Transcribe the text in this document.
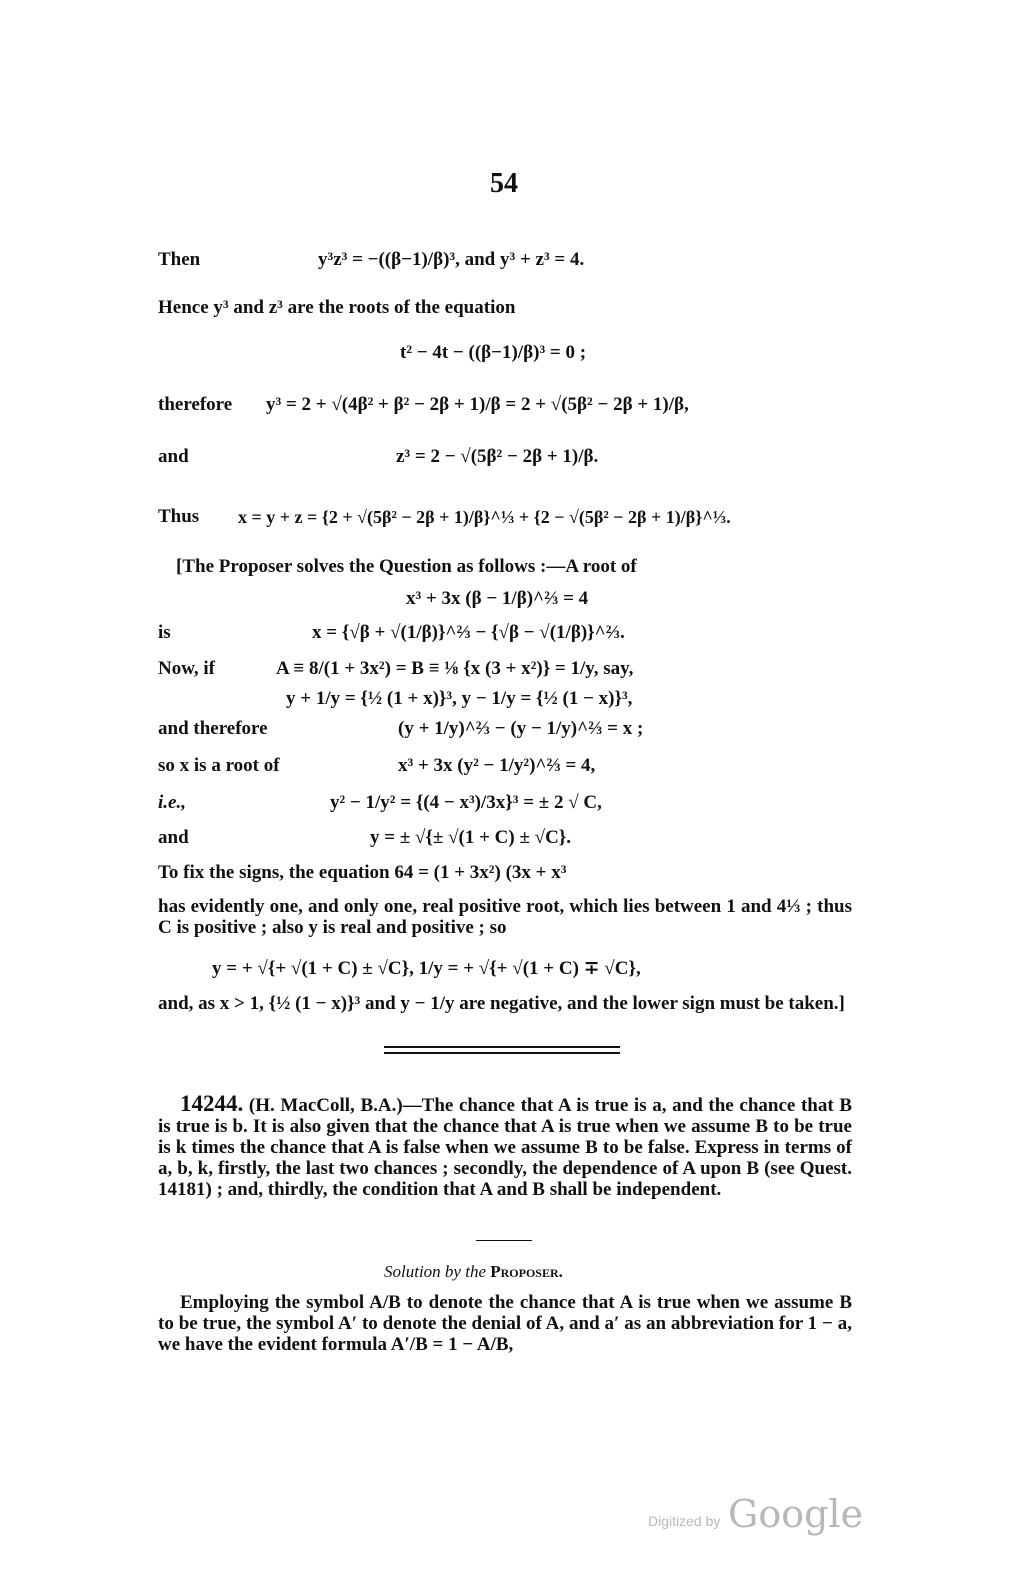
54
Then	y³z³ = −((β−1)/β)³, and y³ + z³ = 4.
Hence y³ and z³ are the roots of the equation
t² − 4t − ((β−1)/β)³ = 0 ;
therefore y³ = 2 + √(4β² + β² − 2β + 1)/β = 2 + √(5β² − 2β + 1)/β,
and	z³ = 2 − √(5β² − 2β + 1)/β.
Thus x = y + z = {2 + √(5β² − 2β + 1)/β}^⅓ + {2 − √(5β² − 2β + 1)/β}^⅓.
[The Proposer solves the Question as follows :—A root of
x³ + 3x (β − 1/β)^⅔ = 4
is	x = {√β + √(1/β)}^⅔ − {√β − √(1/β)}^⅔.
Now, if	A ≡ 8/(1 + 3x²) = B ≡ ⅛ {x (3 + x²)} = 1/y, say,
y + 1/y = {½ (1 + x)}³, y − 1/y = {½ (1 − x)}³,
and therefore	(y + 1/y)^⅔ − (y − 1/y)^⅔ = x ;
so x is a root of	x³ + 3x (y² − 1/y²)^⅔ = 4,
i.e.,	y² − 1/y² = {(4 − x³)/3x}³ = ± 2 √ C,
and	y = ± √{± √(1 + C) ± √C}.
To fix the signs, the equation 64 = (1 + 3x²) (3x + x³
has evidently one, and only one, real positive root, which lies between 1 and 4⅓ ; thus C is positive ; also y is real and positive ; so
y = + √{+ √(1 + C) ± √C}, 1/y = + √{+ √(1 + C) ∓ √C},
and, as x > 1, {½ (1 − x)}³ and y − 1/y are negative, and the lower sign must be taken.]
14244. (H. MacColl, B.A.)—The chance that A is true is a, and the chance that B is true is b. It is also given that the chance that A is true when we assume B to be true is k times the chance that A is false when we assume B to be false. Express in terms of a, b, k, firstly, the last two chances ; secondly, the dependence of A upon B (see Quest. 14181) ; and, thirdly, the condition that A and B shall be independent.
Solution by the Proposer.
Employing the symbol A/B to denote the chance that A is true when we assume B to be true, the symbol A′ to denote the denial of A, and a′ as an abbreviation for 1 − a, we have the evident formula A′/B = 1 − A/B,
Digitized by Google
